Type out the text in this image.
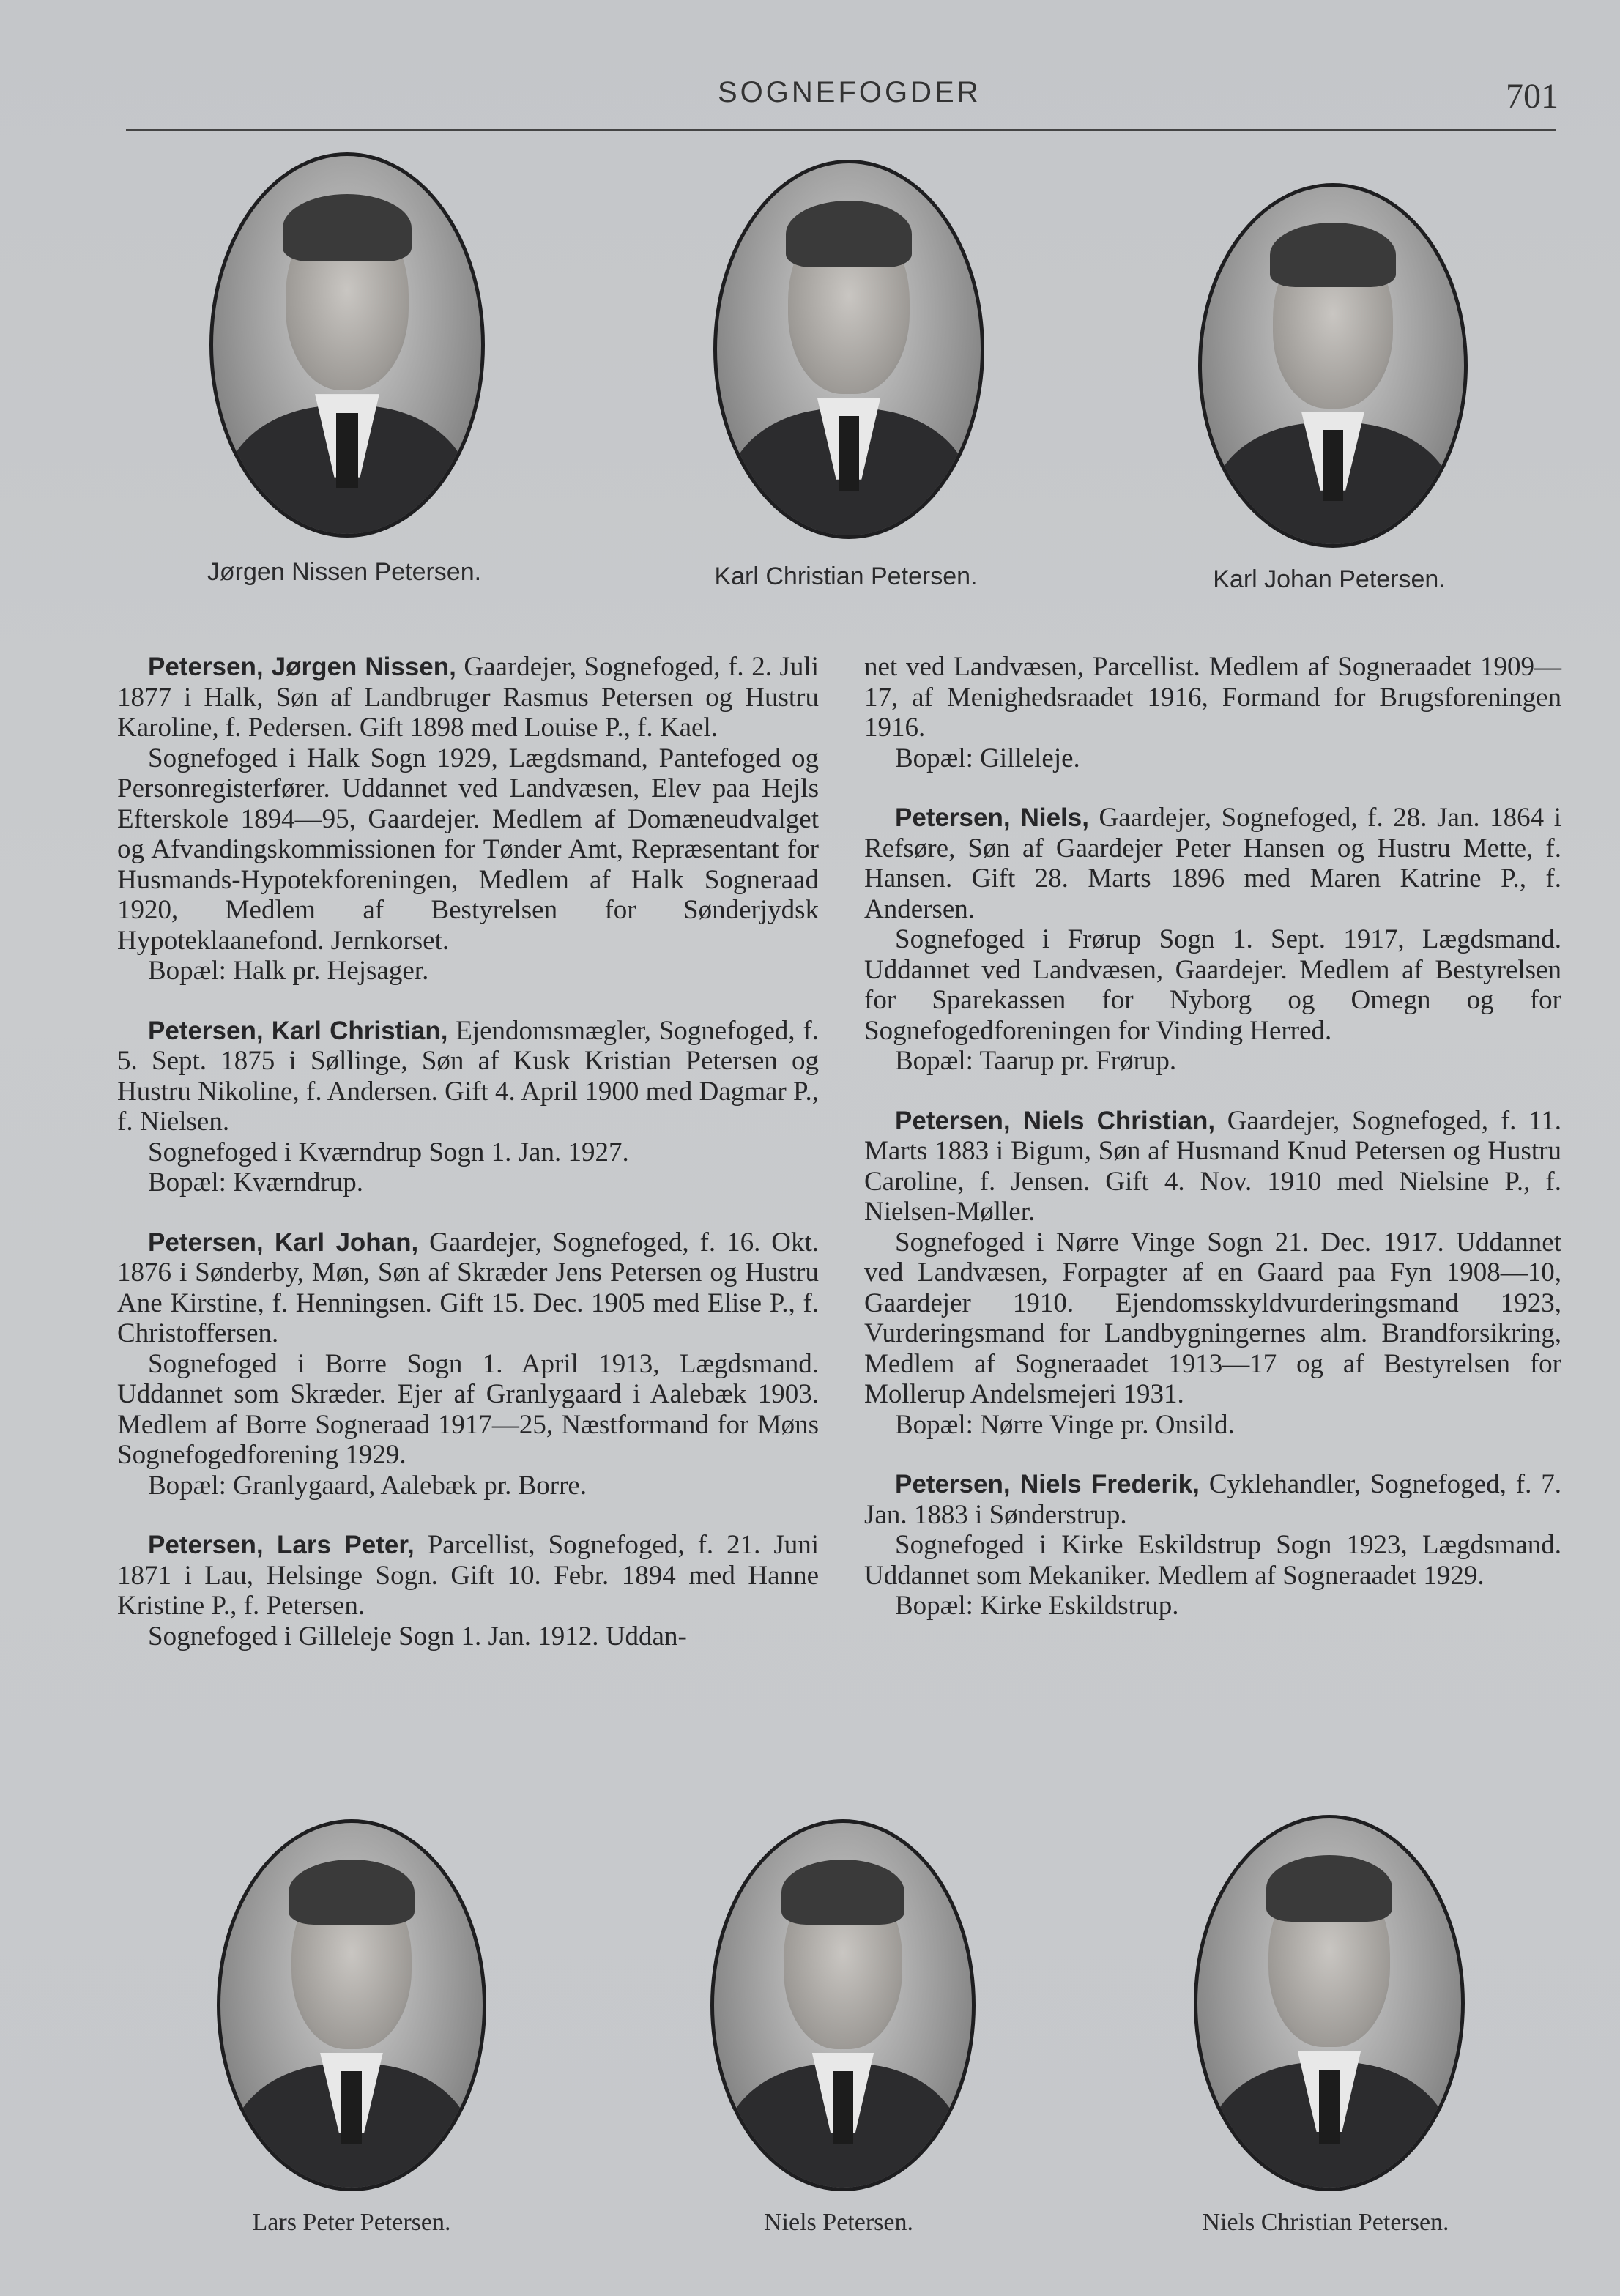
SOGNEFOGDER	701
Jørgen Nissen Petersen.	Karl Christian Petersen.	Karl Johan Petersen.

Petersen, Jørgen Nissen, Gaardejer, Sognefoged, f. 2. Juli 1877 i Halk, Søn af Landbruger Rasmus Petersen og Hustru Karoline, f. Pedersen. Gift 1898 med Louise P., f. Kael.

Sognefoged i Halk Sogn 1929, Lægdsmand, Pantefoged og Personregisterfører. Uddannet ved Landvæsen, Elev paa Hejls Efterskole 1894—95, Gaardejer. Medlem af Domæneudvalget og Afvandingskommissionen for Tønder Amt, Repræsentant for Husmands-Hypotekforeningen, Medlem af Halk Sogneraad 1920, Medlem af Bestyrelsen for Sønderjydsk Hypoteklaanefond. Jernkorset.

Bopæl: Halk pr. Hejsager.

Petersen, Karl Christian, Ejendomsmægler, Sognefoged, f. 5. Sept. 1875 i Søllinge, Søn af Kusk Kristian Petersen og Hustru Nikoline, f. Andersen. Gift 4. April 1900 med Dagmar P., f. Nielsen.

Sognefoged i Kværndrup Sogn 1. Jan. 1927.

Bopæl: Kværndrup.

Petersen, Karl Johan, Gaardejer, Sognefoged, f. 16. Okt. 1876 i Sønderby, Møn, Søn af Skræder Jens Petersen og Hustru Ane Kirstine, f. Henningsen. Gift 15. Dec. 1905 med Elise P., f. Christoffersen.

Sognefoged i Borre Sogn 1. April 1913, Lægdsmand. Uddannet som Skræder. Ejer af Granlygaard i Aalebæk 1903. Medlem af Borre Sogneraad 1917—25, Næstformand for Møns Sognefogedforening 1929.

Bopæl: Granlygaard, Aalebæk pr. Borre.

Petersen, Lars Peter, Parcellist, Sognefoged, f. 21. Juni 1871 i Lau, Helsinge Sogn. Gift 10. Febr. 1894 med Hanne Kristine P., f. Petersen.

Sognefoged i Gilleleje Sogn 1. Jan. 1912. Uddan-

net ved Landvæsen, Parcellist. Medlem af Sogneraadet 1909—17, af Menighedsraadet 1916, Formand for Brugsforeningen 1916.

Bopæl: Gilleleje.

Petersen, Niels, Gaardejer, Sognefoged, f. 28. Jan. 1864 i Refsøre, Søn af Gaardejer Peter Hansen og Hustru Mette, f. Hansen. Gift 28. Marts 1896 med Maren Katrine P., f. Andersen.

Sognefoged i Frørup Sogn 1. Sept. 1917, Lægdsmand. Uddannet ved Landvæsen, Gaardejer. Medlem af Bestyrelsen for Sparekassen for Nyborg og Omegn og for Sognefogedforeningen for Vinding Herred.

Bopæl: Taarup pr. Frørup.

Petersen, Niels Christian, Gaardejer, Sognefoged, f. 11. Marts 1883 i Bigum, Søn af Husmand Knud Petersen og Hustru Caroline, f. Jensen. Gift 4. Nov. 1910 med Nielsine P., f. Nielsen-Møller.

Sognefoged i Nørre Vinge Sogn 21. Dec. 1917. Uddannet ved Landvæsen, Forpagter af en Gaard paa Fyn 1908—10, Gaardejer 1910. Ejendomsskyldvurderingsmand 1923, Vurderingsmand for Landbygningernes alm. Brandforsikring, Medlem af Sogneraadet 1913—17 og af Bestyrelsen for Mollerup Andelsmejeri 1931.

Bopæl: Nørre Vinge pr. Onsild.

Petersen, Niels Frederik, Cyklehandler, Sognefoged, f. 7. Jan. 1883 i Sønderstrup.

Sognefoged i Kirke Eskildstrup Sogn 1923, Lægdsmand. Uddannet som Mekaniker. Medlem af Sogneraadet 1929.

Bopæl: Kirke Eskildstrup.

Lars Peter Petersen.	Niels Petersen.	Niels Christian Petersen.
